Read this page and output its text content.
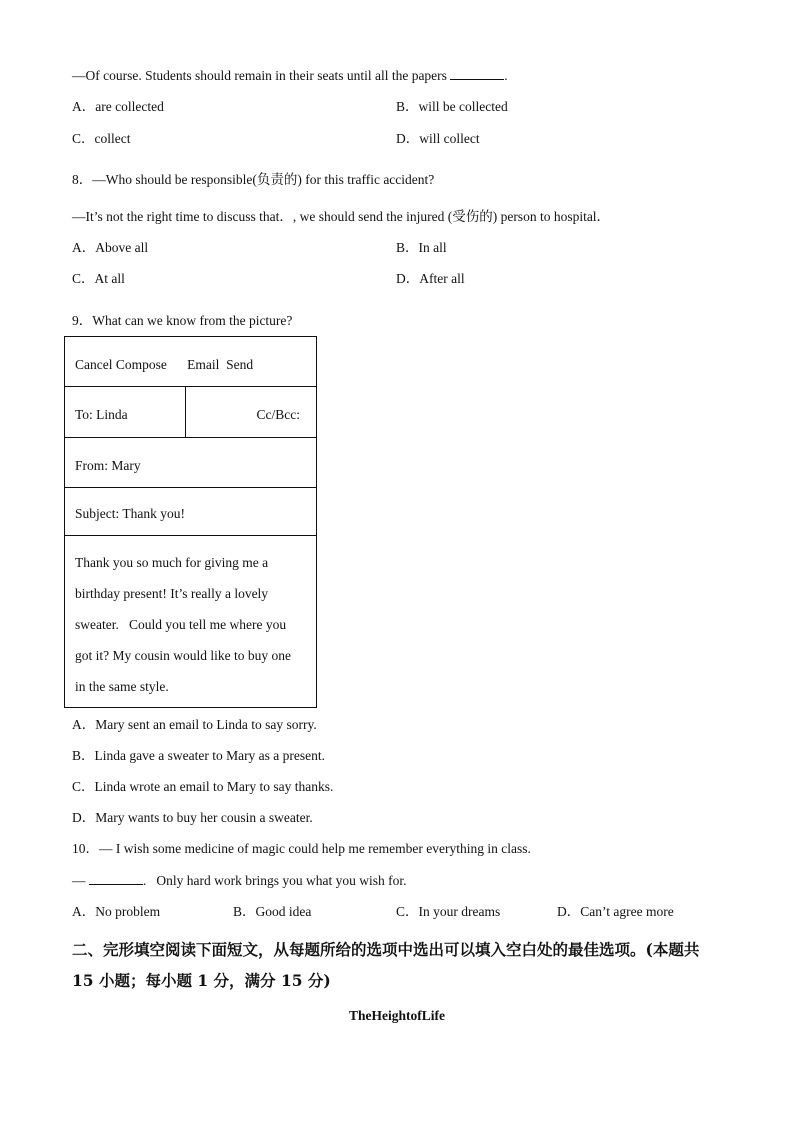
—Of course. Students should remain in their seats until all the papers	.
A．are collected	B．will be collected
C．collect	D．will collect
8．—Who should be responsible(负责的) for this traffic accident?
—It’s not the right time to discuss that．, we should send the injured (受伤的) person to hospital．
A．Above all	B．In all
C．At all	D．After all
9．What can we know from the picture?
Cancel Compose      Email  Send
To: Linda	Cc/Bcc:
From: Mary
Subject: Thank you!
Thank you so much for giving me a
birthday present! It’s really a lovely
sweater.   Could you tell me where you
got it? My cousin would like to buy one
in the same style.
A．Mary sent an email to Linda to say sorry.
B．Linda gave a sweater to Mary as a present.
C．Linda wrote an email to Mary to say thanks.
D．Mary wants to buy her cousin a sweater.
10．— I wish some medicine of magic could help me remember everything in class.
—	.   Only hard work brings you what you wish for.
A．No problem	B．Good idea	C．In your dreams	D．Can’t agree more
二、完形填空阅读下面短文，从每题所给的选项中选出可以填入空白处的最佳选项。(本题共
15 小题；每小题 1 分，满分 15 分)
TheHeightofLife
